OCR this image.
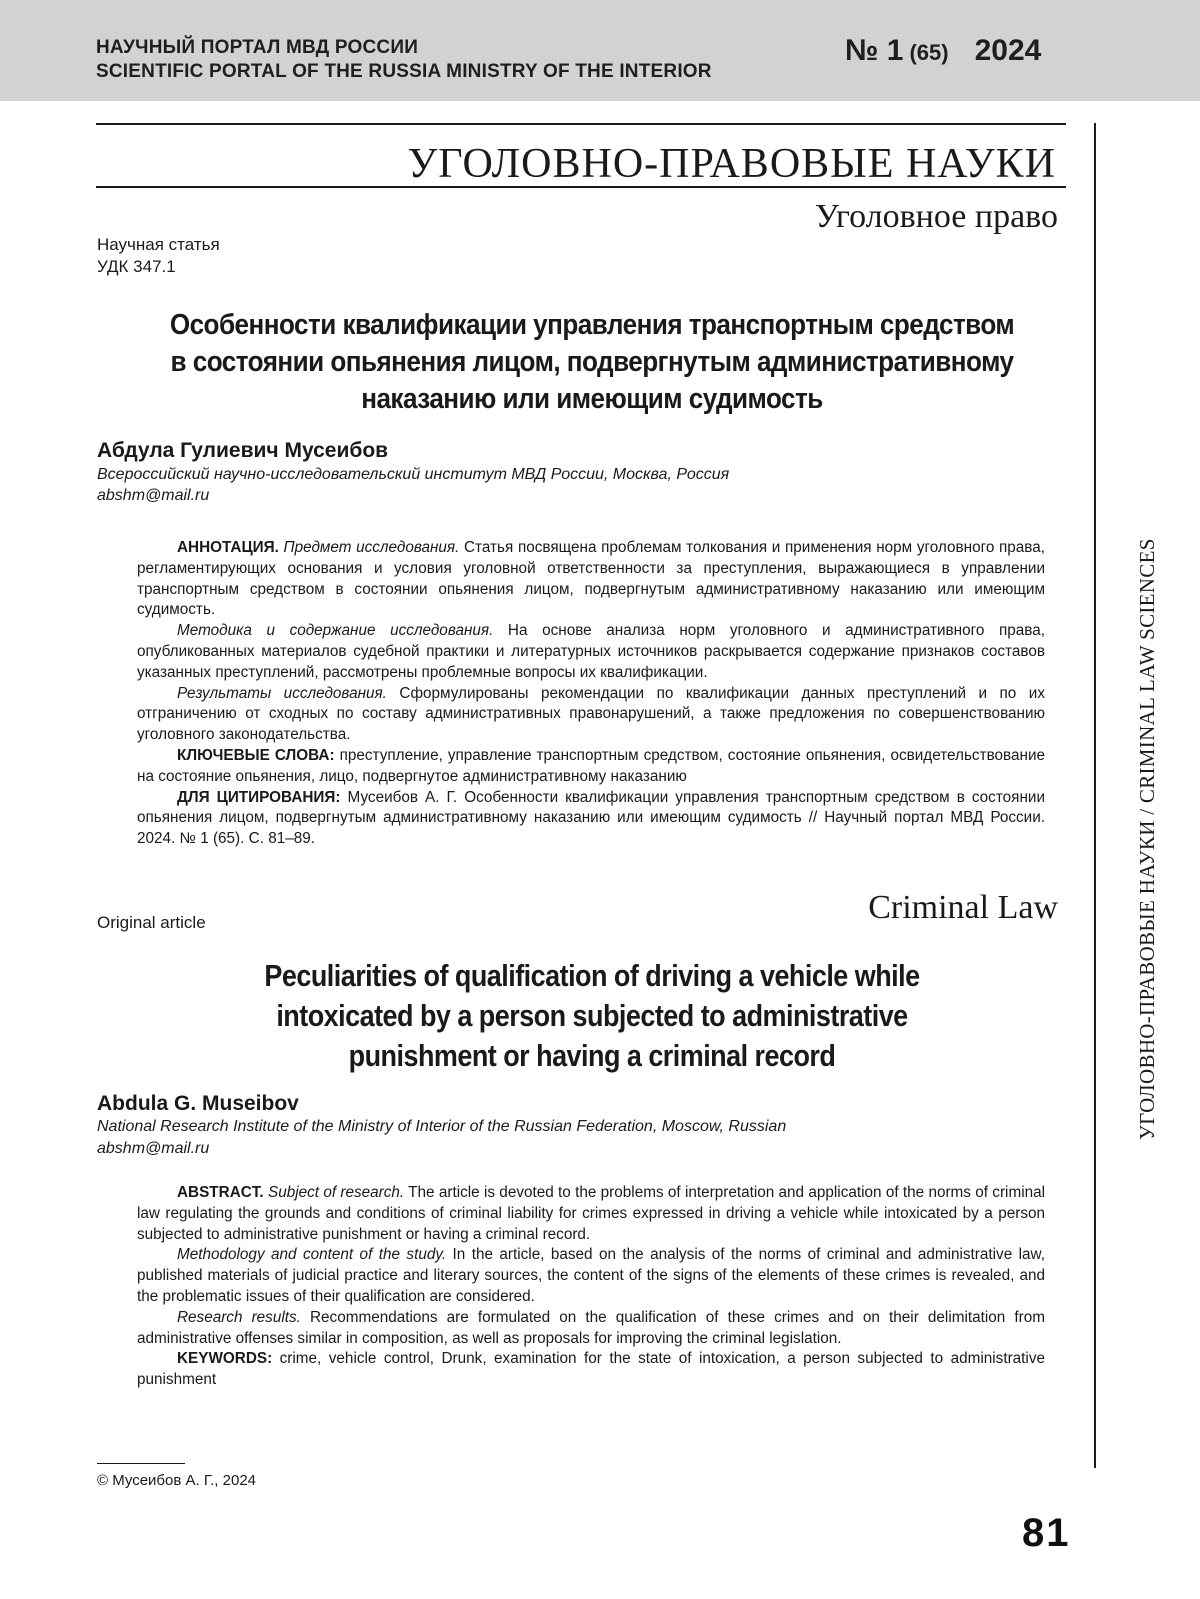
НАУЧНЫЙ ПОРТАЛ МВД РОССИИ
SCIENTIFIC PORTAL OF THE RUSSIA MINISTRY OF THE INTERIOR
№ 1 (65) 2024
УГОЛОВНО-ПРАВОВЫЕ НАУКИ
Уголовное право
Научная статья
УДК 347.1
Особенности квалификации управления транспортным средством
в состоянии опьянения лицом, подвергнутым административному
наказанию или имеющим судимость
Абдула Гулиевич Мусеибов
Всероссийский научно-исследовательский институт МВД России, Москва, Россия
abshm@mail.ru

АННОТАЦИЯ. Предмет исследования. Статья посвящена проблемам толкования и применения норм уголовного права, регламентирующих основания и условия уголовной ответственности за преступления, выражающиеся в управлении транспортным средством в состоянии опьянения лицом, подвергнутым административному наказанию или имеющим судимость.

Методика и содержание исследования. На основе анализа норм уголовного и административного права, опубликованных материалов судебной практики и литературных источников раскрывается содержание признаков составов указанных преступлений, рассмотрены проблемные вопросы их квалификации.

Результаты исследования. Сформулированы рекомендации по квалификации данных преступлений и по их отграничению от сходных по составу административных правонарушений, а также предложения по совершенствованию уголовного законодательства.

КЛЮЧЕВЫЕ СЛОВА: преступление, управление транспортным средством, состояние опьянения, освидетельствование на состояние опьянения, лицо, подвергнутое административному наказанию

ДЛЯ ЦИТИРОВАНИЯ: Мусеибов А. Г. Особенности квалификации управления транспортным средством в состоянии опьянения лицом, подвергнутым административному наказанию или имеющим судимость // Научный портал МВД России. 2024. № 1 (65). С. 81–89.

Criminal Law
Original article
Peculiarities of qualification of driving a vehicle while
intoxicated by a person subjected to administrative
punishment or having a criminal record
Abdula G. Museibov
National Research Institute of the Ministry of Interior of the Russian Federation, Moscow, Russian
abshm@mail.ru

ABSTRACT. Subject of research. The article is devoted to the problems of interpretation and application of the norms of criminal law regulating the grounds and conditions of criminal liability for crimes expressed in driving a vehicle while intoxicated by a person subjected to administrative punishment or having a criminal record.

Methodology and content of the study. In the article, based on the analysis of the norms of criminal and administrative law, published materials of judicial practice and literary sources, the content of the signs of the elements of these crimes is revealed, and the problematic issues of their qualification are considered.

Research results. Recommendations are formulated on the qualification of these crimes and on their delimitation from administrative offenses similar in composition, as well as proposals for improving the criminal legislation.

KEYWORDS: crime, vehicle control, Drunk, examination for the state of intoxication, a person subjected to administrative punishment

УГОЛОВНО-ПРАВОВЫЕ НАУКИ / CRIMINAL LAW SCIENCES
© Мусеибов А. Г., 2024
81
